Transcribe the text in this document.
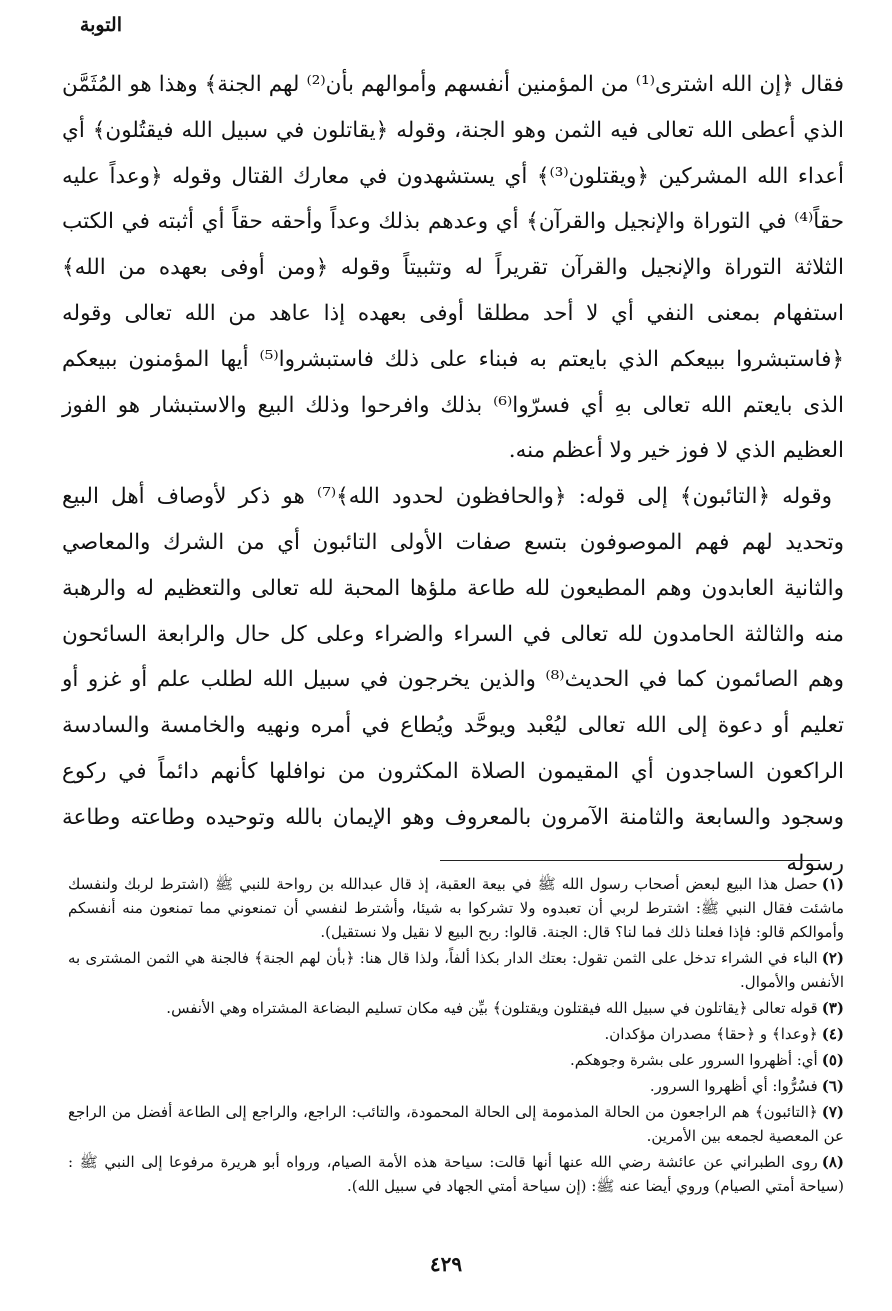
التوبة

فقال ﴿إن الله اشترى⁽¹⁾ من المؤمنين أنفسهم وأموالهم بأن⁽²⁾ لهم الجنة﴾ وهذا هو المُثَمَّن الذي أعطى الله تعالى فيه الثمن وهو الجنة، وقوله ﴿يقاتلون في سبيل الله فيقتُلون﴾ أي أعداء الله المشركين ﴿ويقتلون⁽³⁾﴾ أي يستشهدون في معارك القتال وقوله ﴿وعداً عليه حقاً⁽⁴⁾ في التوراة والإنجيل والقرآن﴾ أي وعدهم بذلك وعداً وأحقه حقاً أي أثبته في الكتب الثلاثة التوراة والإنجيل والقرآن تقريراً له وتثبيتاً وقوله ﴿ومن أوفى بعهده من الله﴾ استفهام بمعنى النفي أي لا أحد مطلقا أوفى بعهده إذا عاهد من الله تعالى وقوله ﴿فاستبشروا ببيعكم الذي بايعتم به فبناء على ذلك فاستبشروا⁽⁵⁾ أيها المؤمنون ببيعكم الذى بايعتم الله تعالى بهِ أي فسرّوا⁽⁶⁾ بذلك وافرحوا وذلك البيع والاستبشار هو الفوز العظيم الذي لا فوز خير ولا أعظم منه.

وقوله ﴿التائبون﴾ إلى قوله: ﴿والحافظون لحدود الله﴾⁽⁷⁾ هو ذكر لأوصاف أهل البيع وتحديد لهم فهم الموصوفون بتسع صفات الأولى التائبون أي من الشرك والمعاصي والثانية العابدون وهم المطيعون لله طاعة ملؤها المحبة لله تعالى والتعظيم له والرهبة منه والثالثة الحامدون لله تعالى في السراء والضراء وعلى كل حال والرابعة السائحون وهم الصائمون كما في الحديث⁽⁸⁾ والذين يخرجون في سبيل الله لطلب علم أو غزو أو تعليم أو دعوة إلى الله تعالى ليُعْبد ويوحَّد ويُطاع في أمره ونهيه والخامسة والسادسة الراكعون الساجدون أي المقيمون الصلاة المكثرون من نوافلها كأنهم دائماً في ركوع وسجود والسابعة والثامنة الآمرون بالمعروف وهو الإيمان بالله وتوحيده وطاعته وطاعة رسوله

(١)حصل هذا البيع لبعض أصحاب رسول الله ﷺ في بيعة العقبة، إذ قال عبدالله بن رواحة للنبي ﷺ (اشترط لربك ولنفسك ماشئت فقال النبي ﷺ: اشترط لربي أن تعبدوه ولا تشركوا به شيئا، وأشترط لنفسي أن تمنعوني مما تمنعون منه أنفسكم وأموالكم قالو: فإذا فعلنا ذلك فما لنا؟ قال: الجنة. قالوا: ربح البيع لا نقيل ولا نستقيل).

(٢)الباء في الشراء تدخل على الثمن تقول: بعتك الدار بكذا ألفاً، ولذا قال هنا: ﴿بأن لهم الجنة﴾ فالجنة هي الثمن المشترى به الأنفس والأموال.

(٣)قوله تعالى ﴿يقاتلون في سبيل الله فيقتلون ويقتلون﴾ بيِّن فيه مكان تسليم البضاعة المشتراه وهي الأنفس.

(٤)﴿وعدا﴾ و ﴿حقا﴾ مصدران مؤكدان.

(٥)أي: أظهروا السرور على بشرة وجوهكم.

(٦)فسُرُّوا: أي أظهروا السرور.

(٧)﴿التائبون﴾ هم الراجعون من الحالة المذمومة إلى الحالة المحمودة، والتائب: الراجع، والراجع إلى الطاعة أفضل من الراجع عن المعصية لجمعه بين الأمرين.

(٨)روى الطبراني عن عائشة رضي الله عنها أنها قالت: سياحة هذه الأمة الصيام، ورواه أبو هريرة مرفوعا إلى النبي ﷺ :(سياحة أمتي الصيام) وروي أيضا عنه ﷺ: (إن سياحة أمتي الجهاد في سبيل الله).

٤٢٩
